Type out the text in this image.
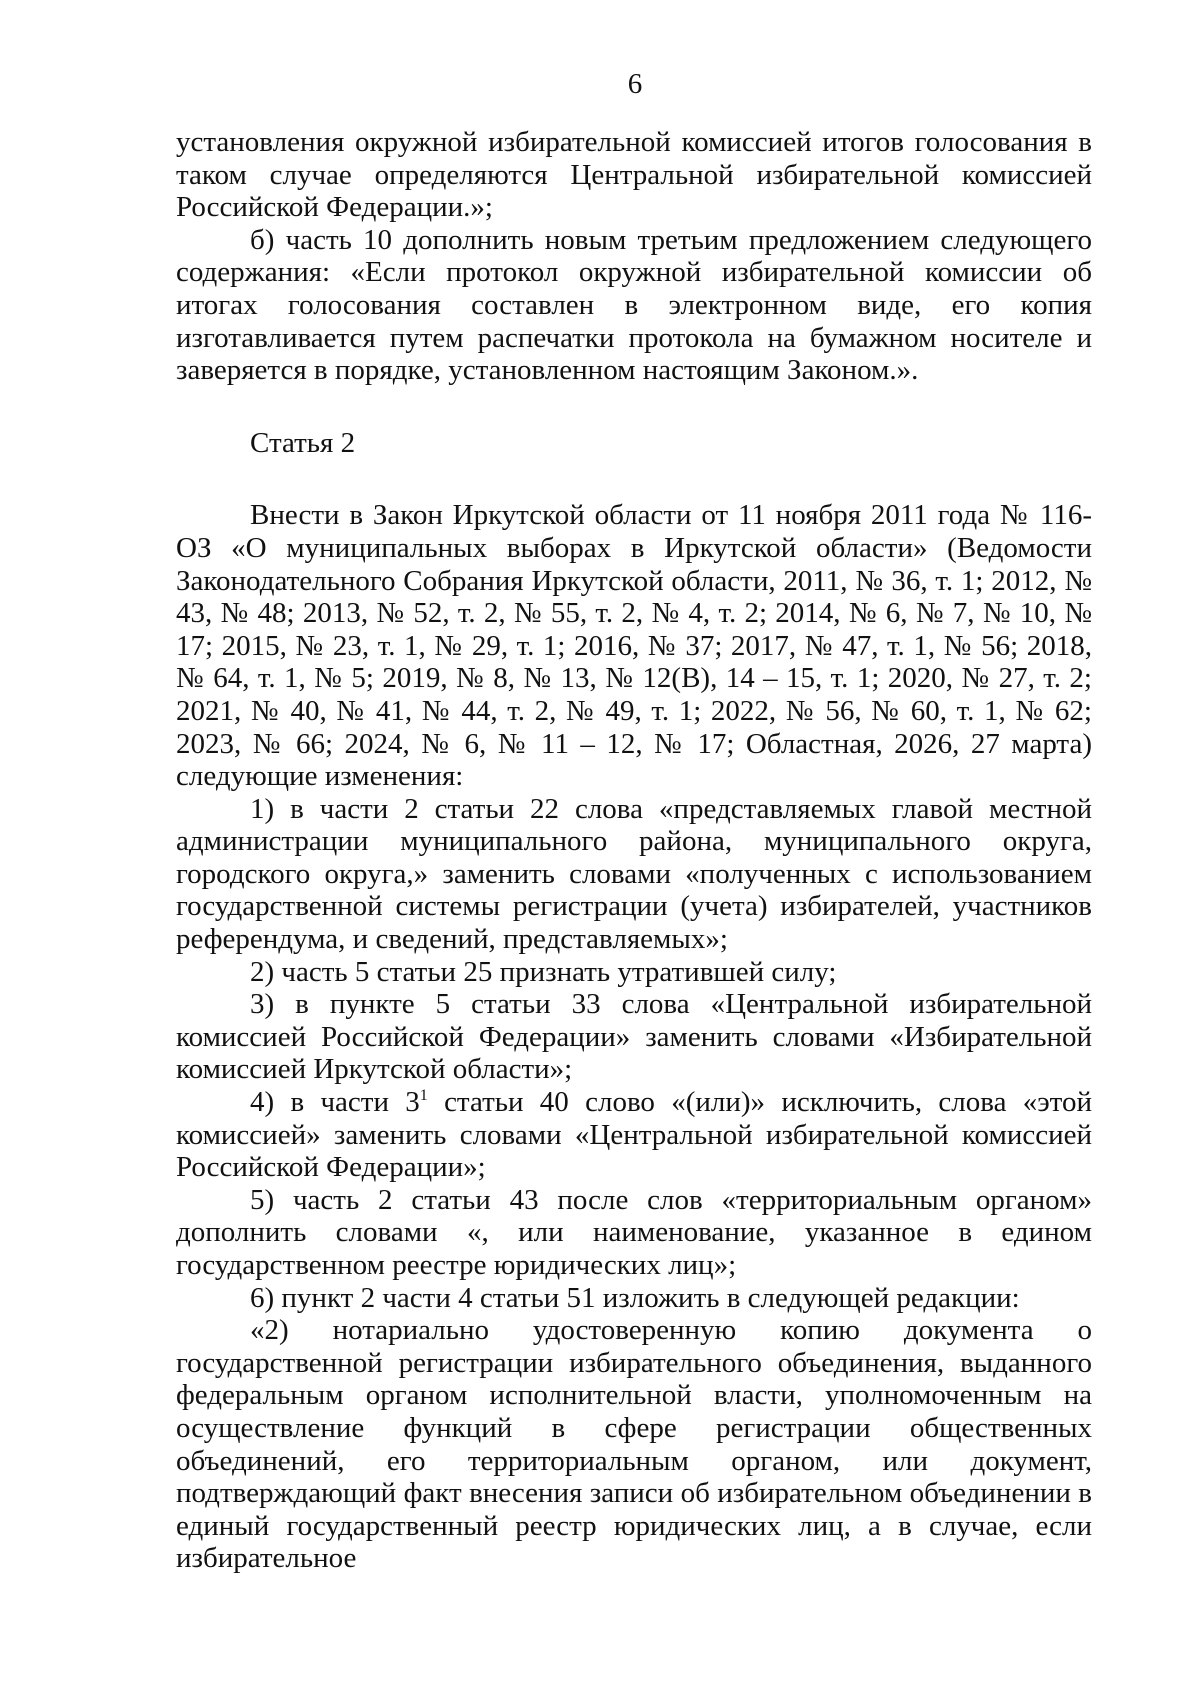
6

установления окружной избирательной комиссией итогов голосования в таком случае определяются Центральной избирательной комиссией Российской Федерации.»;

б) часть 10 дополнить новым третьим предложением следующего содержания: «Если протокол окружной избирательной комиссии об итогах голосования составлен в электронном виде, его копия изготавливается путем распечатки протокола на бумажном носителе и заверяется в порядке, установленном настоящим Законом.».

Статья 2

Внести в Закон Иркутской области от 11 ноября 2011 года № 116-ОЗ «О муниципальных выборах в Иркутской области» (Ведомости Законодательного Собрания Иркутской области, 2011, № 36, т. 1; 2012, № 43, № 48; 2013, № 52, т. 2, № 55, т. 2, № 4, т. 2; 2014, № 6, № 7, № 10, № 17; 2015, № 23, т. 1, № 29, т. 1; 2016, № 37; 2017, № 47, т. 1, № 56; 2018, № 64, т. 1, № 5; 2019, № 8, № 13, № 12(В), 14 – 15, т. 1; 2020, № 27, т. 2; 2021, № 40, № 41, № 44, т. 2, № 49, т. 1; 2022, № 56, № 60, т. 1, № 62; 2023, № 66; 2024, № 6, № 11 – 12, № 17; Областная, 2026, 27 марта) следующие изменения:

1) в части 2 статьи 22 слова «представляемых главой местной администрации муниципального района, муниципального округа, городского округа,» заменить словами «полученных с использованием государственной системы регистрации (учета) избирателей, участников референдума, и сведений, представляемых»;

2) часть 5 статьи 25 признать утратившей силу;

3) в пункте 5 статьи 33 слова «Центральной избирательной комиссией Российской Федерации» заменить словами «Избирательной комиссией Иркутской области»;

4) в части $3^1$ статьи 40 слово «(или)» исключить, слова «этой комиссией» заменить словами «Центральной избирательной комиссией Российской Федерации»;

5) часть 2 статьи 43 после слов «территориальным органом» дополнить словами «, или наименование, указанное в едином государственном реестре юридических лиц»;

6) пункт 2 части 4 статьи 51 изложить в следующей редакции:

«2) нотариально удостоверенную копию документа о государственной регистрации избирательного объединения, выданного федеральным органом исполнительной власти, уполномоченным на осуществление функций в сфере регистрации общественных объединений, его территориальным органом, или документ, подтверждающий факт внесения записи об избирательном объединении в единый государственный реестр юридических лиц, а в случае, если избирательное
